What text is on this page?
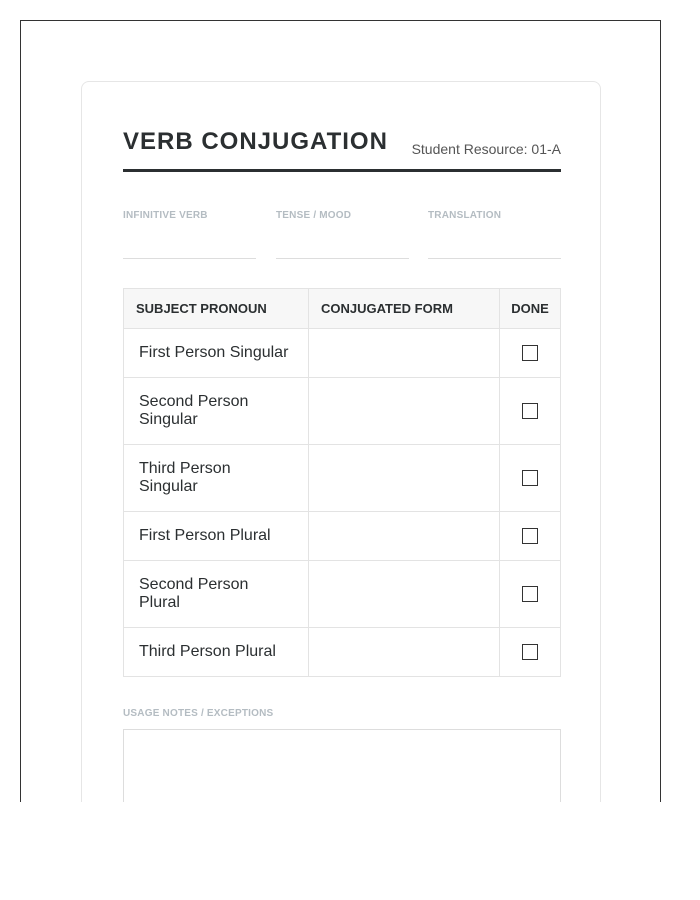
VERB CONJUGATION Student Resource: 01-A
INFINITIVE VERB	TENSE / MOOD	TRANSLATION
SUBJECT PRONOUN	CONJUGATED FORM	DONE
First Person Singular		
Second Person Singular		
Third Person Singular		
First Person Plural		
Second Person Plural		
Third Person Plural		
USAGE NOTES / EXCEPTIONS
